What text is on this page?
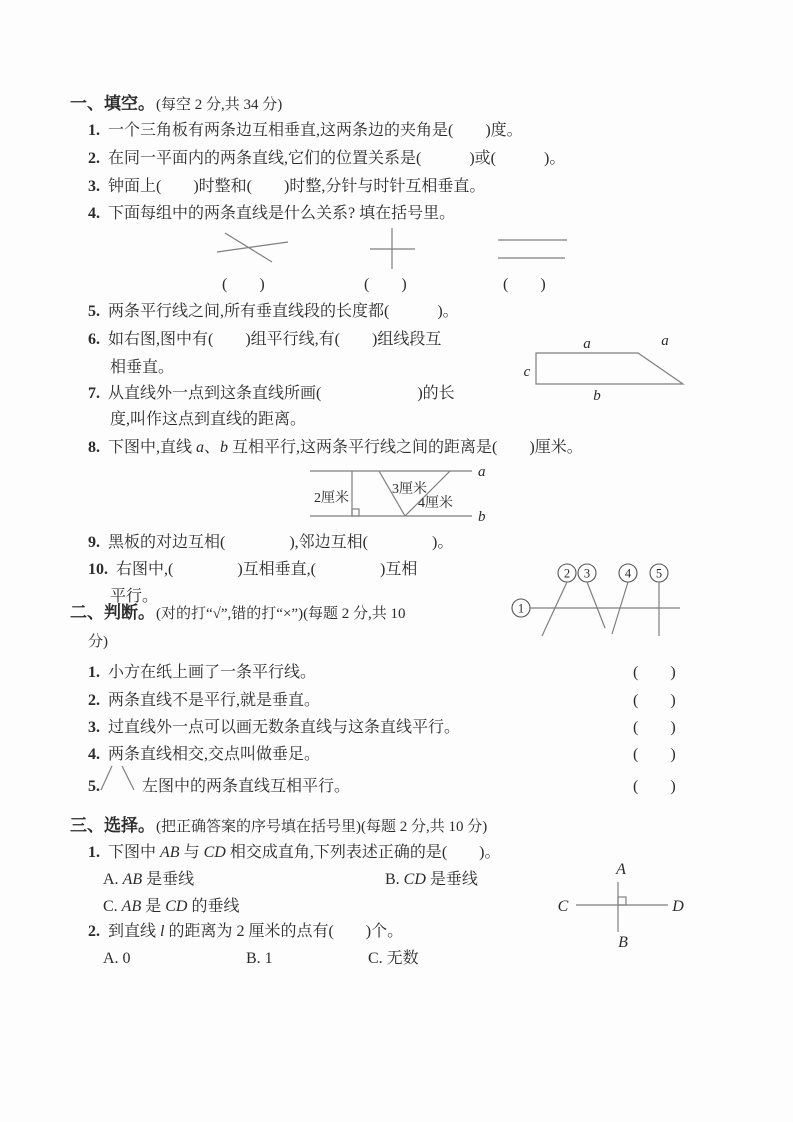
一、填空。(每空 2 分,共 34 分)
1. 一个三角板有两条边互相垂直,这两条边的夹角是(　　)度。
2. 在同一平面内的两条直线,它们的位置关系是(　　　)或(　　　)。
3. 钟面上(　　)时整和(　　)时整,分针与时针互相垂直。
4. 下面每组中的两条直线是什么关系? 填在括号里。
(　　)	(　　)	(　　)
5. 两条平行线之间,所有垂直线段的长度都(　　　)。
6. 如右图,图中有(　　)组平行线,有(　　)组线段互
相垂直。
a	a
c
b
7. 从直线外一点到这条直线所画(　　　　　　)的长
度,叫作这点到直线的距离。
8. 下图中,直线 a、b 互相平行,这两条平行线之间的距离是(　　)厘米。
2厘米
3厘米
4厘米
a
b
9. 黑板的对边互相(　　　　),邻边互相(　　　　)。
10. 右图中,(　　　　)互相垂直,(　　　　)互相
平行。
1
2 3	4 5
二、判断。(对的打“√”,错的打“×”)(每题 2 分,共 10
分)
1. 小方在纸上画了一条平行线。	(　　)
2. 两条直线不是平行,就是垂直。	(　　)
3. 过直线外一点可以画无数条直线与这条直线平行。	(　　)
4. 两条直线相交,交点叫做垂足。	(　　)
5.	左图中的两条直线互相平行。	(　　)
三、选择。(把正确答案的序号填在括号里)(每题 2 分,共 10 分)
1. 下图中 AB 与 CD 相交成直角,下列表述正确的是(　　)。
A. AB 是垂线	B. CD 是垂线
C. AB 是 CD 的垂线
A
B
C	D
2. 到直线 l 的距离为 2 厘米的点有(　　)个。
A. 0	B. 1	C. 无数
